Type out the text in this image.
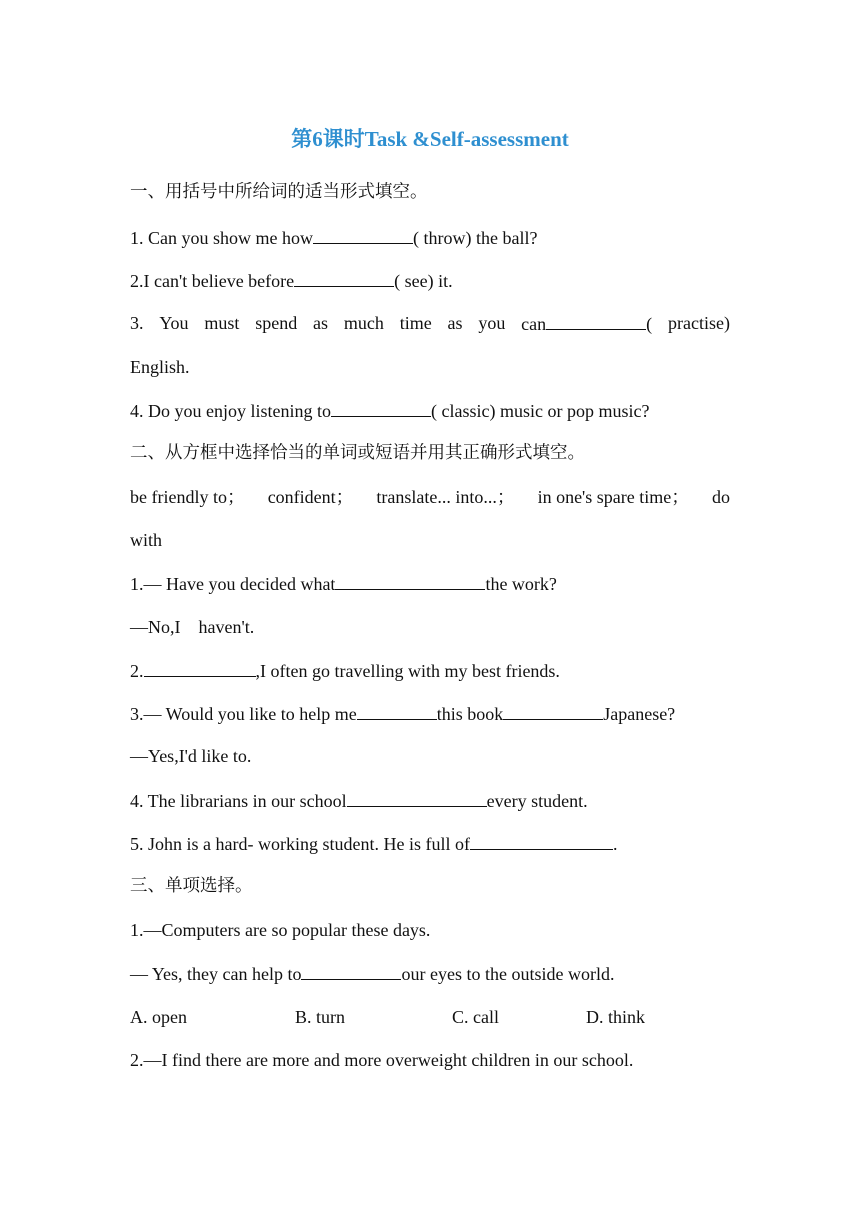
第6课时Task &Self-assessment
一、用括号中所给词的适当形式填空。
1. Can you show me how	( throw) the ball?
2.I can't believe before	( see) it.
3. You must spend as much time as you can	( practise)
English.
4. Do you enjoy listening to	( classic) music or pop music?
二、从方框中选择恰当的单词或短语并用其正确形式填空。
be friendly to； confident； translate... into...； in one's spare time； do
with
1.— Have you decided what	the work?
—No,I    haven't.
2.	,I often go travelling with my best friends.
3.— Would you like to help me	this book	Japanese?
—Yes,I'd like to.
4. The librarians in our school	every student.
5. John is a hard- working student. He is full of	.
三、单项选择。
1.—Computers are so popular these days.
— Yes, they can help to	our eyes to the outside world.
A. open	B. turn	C. call	D. think
2.—I find there are more and more overweight children in our school.
